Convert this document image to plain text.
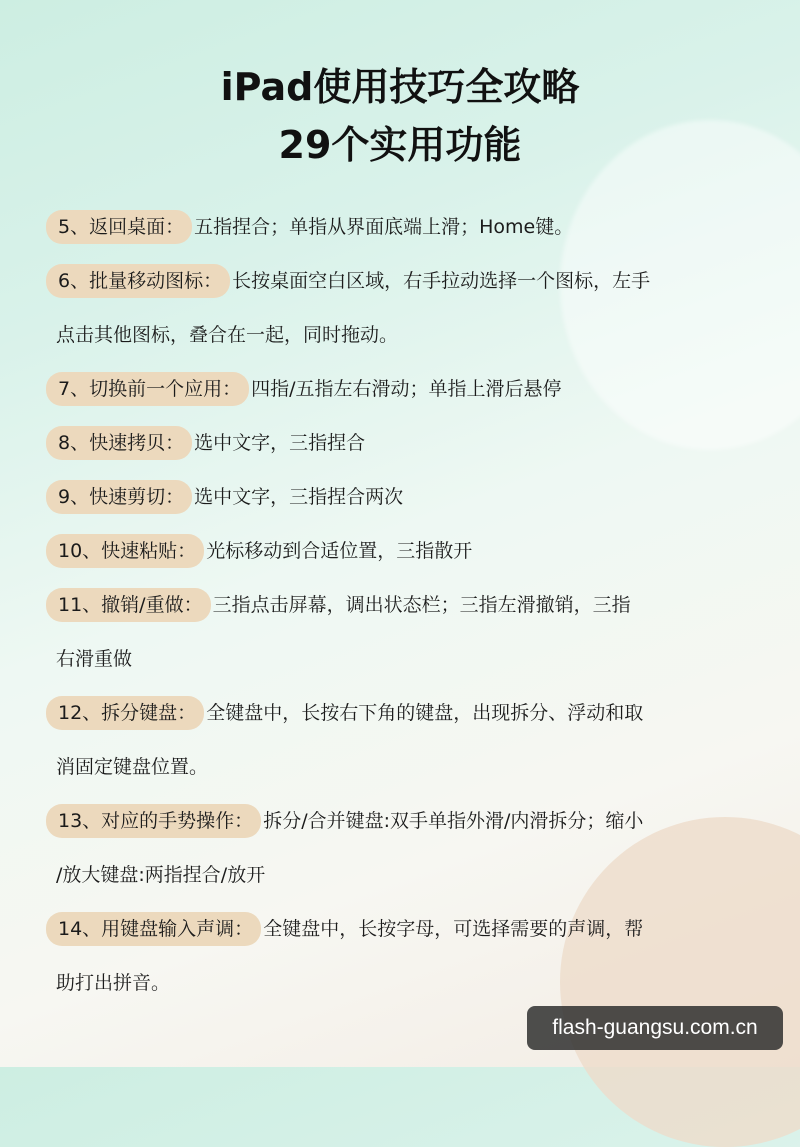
iPad使用技巧全攻略
29个实用功能
5、返回桌面： 五指捏合；单指从界面底端上滑；Home键。
6、批量移动图标： 长按桌面空白区域，右手拉动选择一个图标，左手
点击其他图标，叠合在一起，同时拖动。
7、切换前一个应用： 四指/五指左右滑动；单指上滑后悬停
8、快速拷贝： 选中文字，三指捏合
9、快速剪切： 选中文字，三指捏合两次
10、快速粘贴： 光标移动到合适位置，三指散开
11、撤销/重做： 三指点击屏幕，调出状态栏；三指左滑撤销，三指
右滑重做
12、拆分键盘： 全键盘中，长按右下角的键盘，出现拆分、浮动和取
消固定键盘位置。
13、对应的手势操作： 拆分/合并键盘:双手单指外滑/内滑拆分；缩小
/放大键盘:两指捏合/放开
14、用键盘输入声调： 全键盘中，长按字母，可选择需要的声调，帮
助打出拼音。
flash-guangsu.com.cn
